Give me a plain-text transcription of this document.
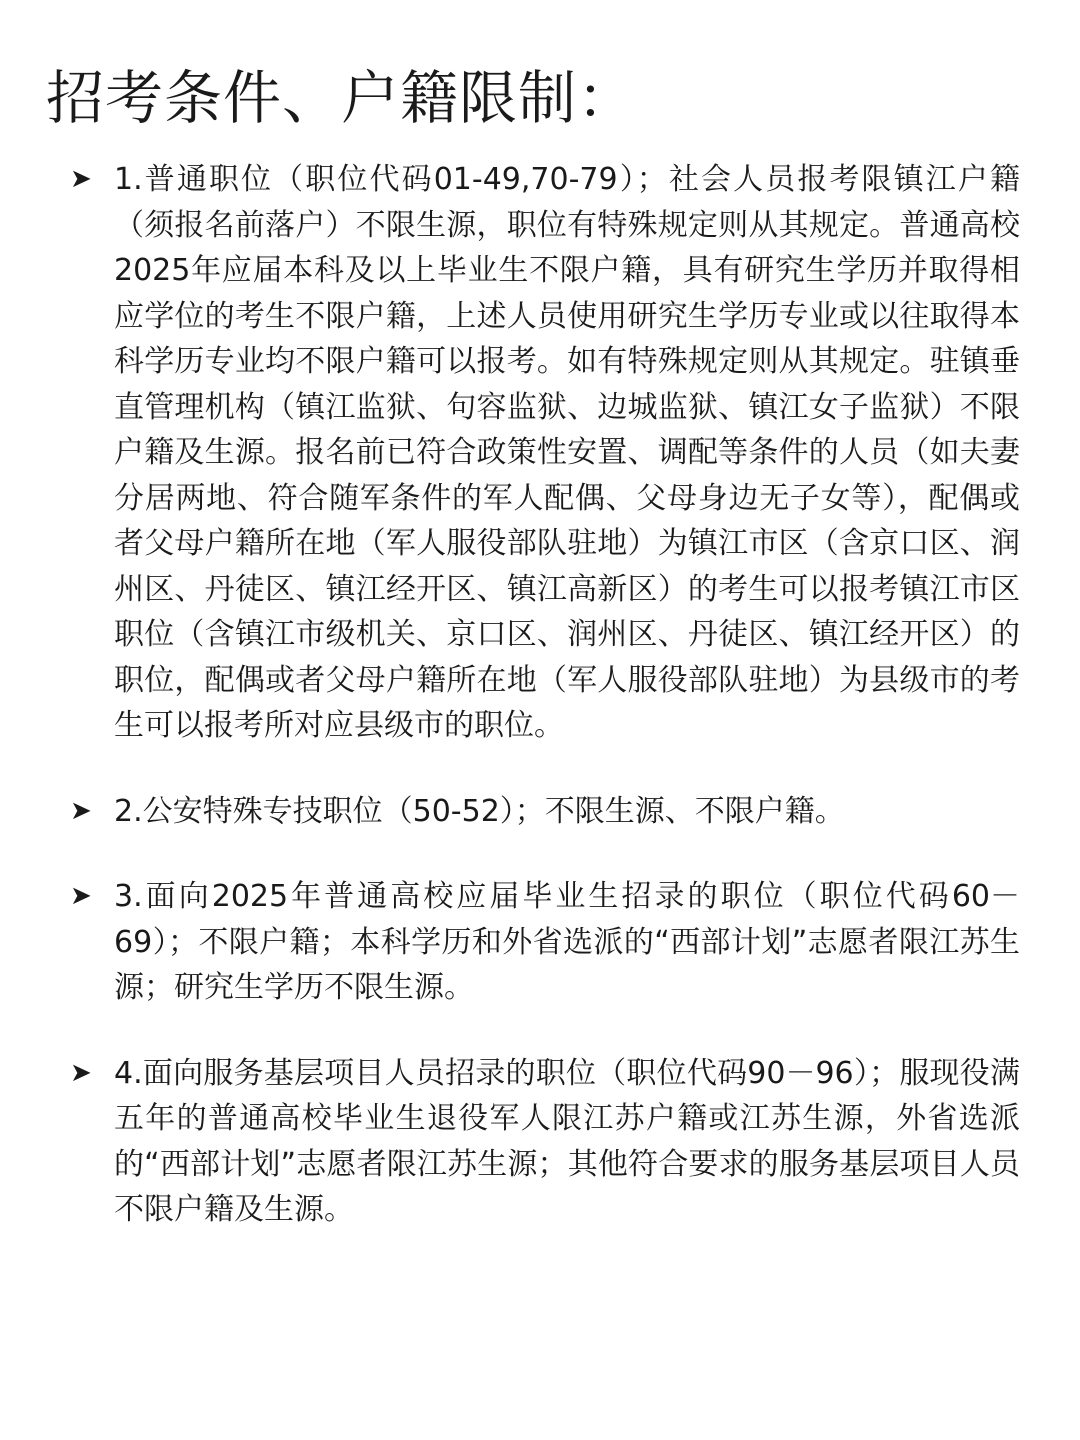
招考条件、户籍限制：
➤ 1.普通职位（职位代码01-49,70-79）；社会人员报考限镇江户籍（须报名前落户）不限生源，职位有特殊规定则从其规定。普通高校2025年应届本科及以上毕业生不限户籍，具有研究生学历并取得相应学位的考生不限户籍，上述人员使用研究生学历专业或以往取得本科学历专业均不限户籍可以报考。如有特殊规定则从其规定。驻镇垂直管理机构（镇江监狱、句容监狱、边城监狱、镇江女子监狱）不限户籍及生源。报名前已符合政策性安置、调配等条件的人员（如夫妻分居两地、符合随军条件的军人配偶、父母身边无子女等），配偶或者父母户籍所在地（军人服役部队驻地）为镇江市区（含京口区、润州区、丹徒区、镇江经开区、镇江高新区）的考生可以报考镇江市区职位（含镇江市级机关、京口区、润州区、丹徒区、镇江经开区）的职位，配偶或者父母户籍所在地（军人服役部队驻地）为县级市的考生可以报考所对应县级市的职位。
➤ 2.公安特殊专技职位（50-52）；不限生源、不限户籍。
➤ 3.面向2025年普通高校应届毕业生招录的职位（职位代码60－69）；不限户籍；本科学历和外省选派的“西部计划”志愿者限江苏生源；研究生学历不限生源。
➤ 4.面向服务基层项目人员招录的职位（职位代码90－96）；服现役满五年的普通高校毕业生退役军人限江苏户籍或江苏生源，外省选派的“西部计划”志愿者限江苏生源；其他符合要求的服务基层项目人员不限户籍及生源。
